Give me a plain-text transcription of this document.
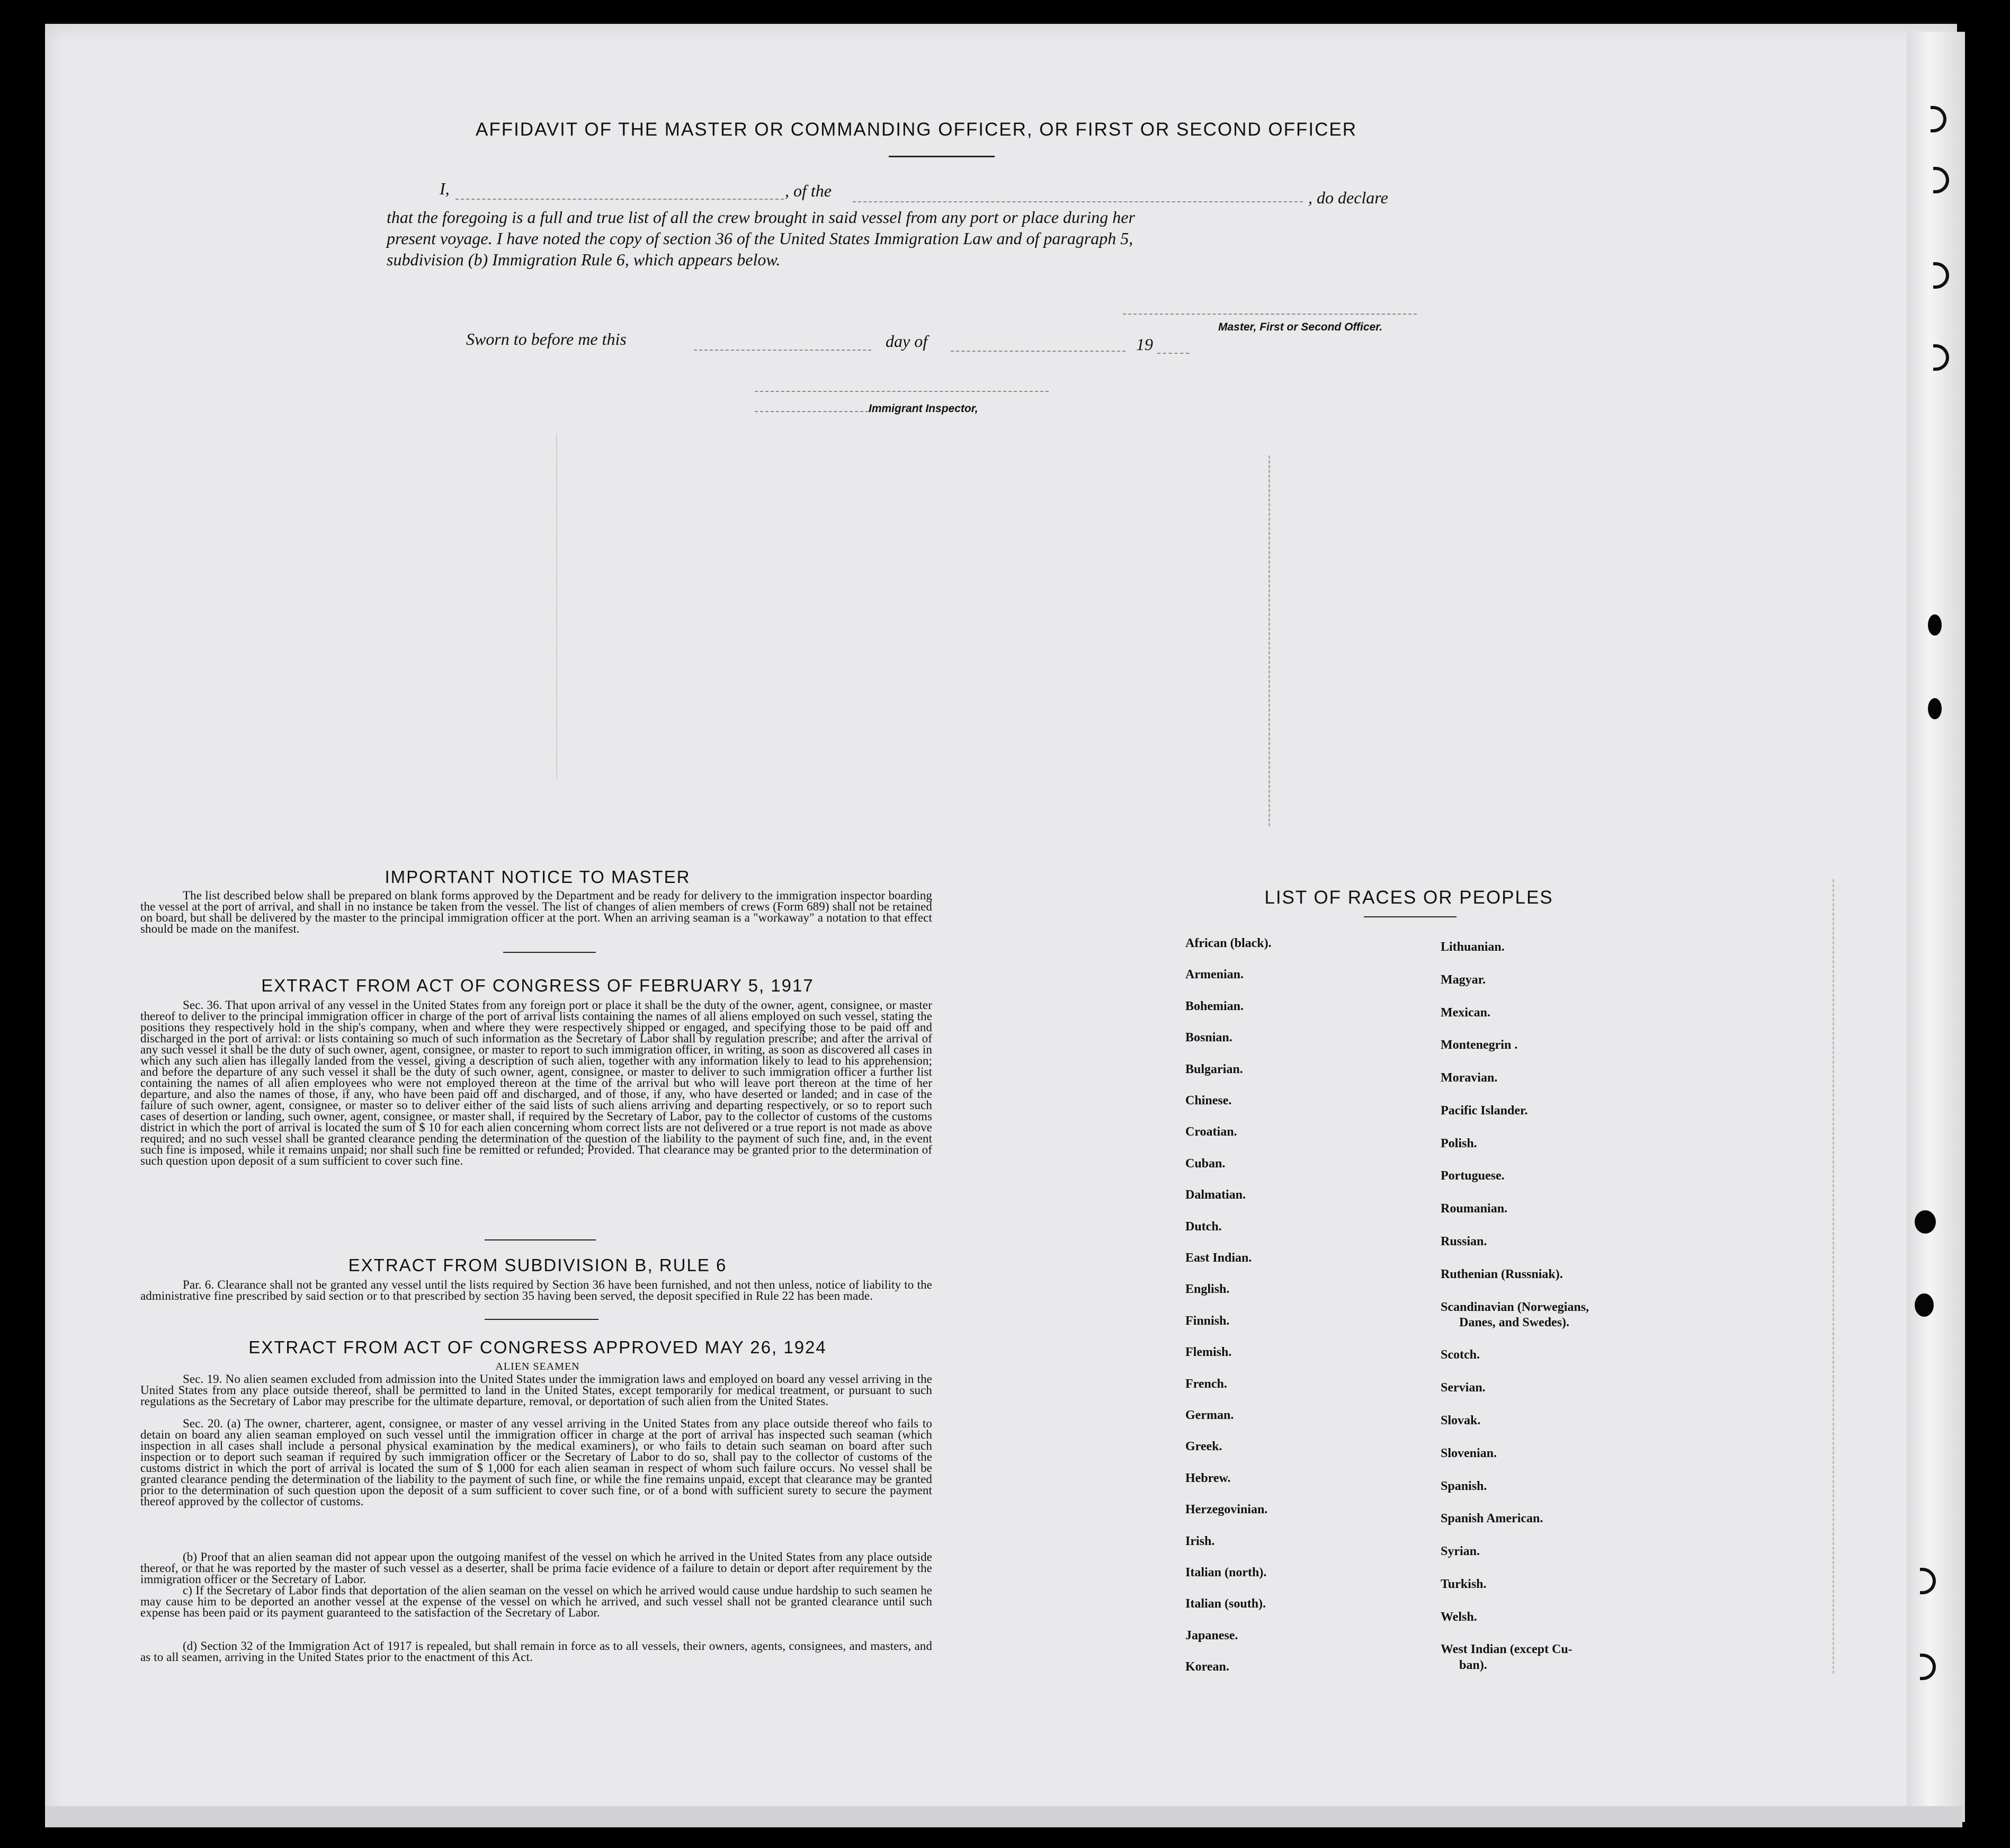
AFFIDAVIT OF THE MASTER OR COMMANDING OFFICER, OR FIRST OR SECOND OFFICER
I,	, of the	, do declare
that the foregoing is a full and true list of all the crew brought in said vessel from any port or place during her
present voyage. I have noted the copy of section 36 of the United States Immigration Law and of paragraph 5,
subdivision (b) Immigration Rule 6, which appears below.
Master, First or Second Officer.
Sworn to before me this	day of	19
Immigrant Inspector,
IMPORTANT NOTICE TO MASTER
The list described below shall be prepared on blank forms approved by the Department and be ready for delivery to the immigration inspector boarding the vessel at the port of arrival, and shall in no instance be taken from the vessel. The list of changes of alien members of crews (Form 689) shall not be retained on board, but shall be delivered by the master to the principal immigration officer at the port. When an arriving seaman is a "workaway" a notation to that effect should be made on the manifest.
EXTRACT FROM ACT OF CONGRESS OF FEBRUARY 5, 1917
Sec. 36. That upon arrival of any vessel in the United States from any foreign port or place it shall be the duty of the owner, agent, consignee, or master thereof to deliver to the principal immigration officer in charge of the port of arrival lists containing the names of all aliens employed on such vessel, stating the positions they respectively hold in the ship's company, when and where they were respectively shipped or engaged, and specifying those to be paid off and discharged in the port of arrival: or lists containing so much of such information as the Secretary of Labor shall by regulation prescribe; and after the arrival of any such vessel it shall be the duty of such owner, agent, consignee, or master to report to such immigration officer, in writing, as soon as discovered all cases in which any such alien has illegally landed from the vessel, giving a description of such alien, together with any information likely to lead to his apprehension; and before the departure of any such vessel it shall be the duty of such owner, agent, consignee, or master to deliver to such immigration officer a further list containing the names of all alien employees who were not employed thereon at the time of the arrival but who will leave port thereon at the time of her departure, and also the names of those, if any, who have been paid off and discharged, and of those, if any, who have deserted or landed; and in case of the failure of such owner, agent, consignee, or master so to deliver either of the said lists of such aliens arriving and departing respectively, or so to report such cases of desertion or landing, such owner, agent, consignee, or master shall, if required by the Secretary of Labor, pay to the collector of customs of the customs district in which the port of arrival is located the sum of $ 10 for each alien concerning whom correct lists are not delivered or a true report is not made as above required; and no such vessel shall be granted clearance pending the determination of the question of the liability to the payment of such fine, and, in the event such fine is imposed, while it remains unpaid; nor shall such fine be remitted or refunded; Provided. That clearance may be granted prior to the determination of such question upon deposit of a sum sufficient to cover such fine.
EXTRACT FROM SUBDIVISION B, RULE 6
Par. 6. Clearance shall not be granted any vessel until the lists required by Section 36 have been furnished, and not then unless, notice of liability to the administrative fine prescribed by said section or to that prescribed by section 35 having been served, the deposit specified in Rule 22 has been made.
EXTRACT FROM ACT OF CONGRESS APPROVED MAY 26, 1924
ALIEN SEAMEN
Sec. 19. No alien seamen excluded from admission into the United States under the immigration laws and employed on board any vessel arriving in the United States from any place outside thereof, shall be permitted to land in the United States, except temporarily for medical treatment, or pursuant to such regulations as the Secretary of Labor may prescribe for the ultimate departure, removal, or deportation of such alien from the United States.
Sec. 20. (a) The owner, charterer, agent, consignee, or master of any vessel arriving in the United States from any place outside thereof who fails to detain on board any alien seaman employed on such vessel until the immigration officer in charge at the port of arrival has inspected such seaman (which inspection in all cases shall include a personal physical examination by the medical examiners), or who fails to detain such seaman on board after such inspection or to deport such seaman if required by such immigration officer or the Secretary of Labor to do so, shall pay to the collector of customs of the customs district in which the port of arrival is located the sum of $ 1,000 for each alien seaman in respect of whom such failure occurs. No vessel shall be granted clearance pending the determination of the liability to the payment of such fine, or while the fine remains unpaid, except that clearance may be granted prior to the determination of such question upon the deposit of a sum sufficient to cover such fine, or of a bond with sufficient surety to secure the payment thereof approved by the collector of customs.
(b) Proof that an alien seaman did not appear upon the outgoing manifest of the vessel on which he arrived in the United States from any place outside thereof, or that he was reported by the master of such vessel as a deserter, shall be prima facie evidence of a failure to detain or deport after requirement by the immigration officer or the Secretary of Labor.
c) If the Secretary of Labor finds that deportation of the alien seaman on the vessel on which he arrived would cause undue hardship to such seamen he may cause him to be deported an another vessel at the expense of the vessel on which he arrived, and such vessel shall not be granted clearance until such expense has been paid or its payment guaranteed to the satisfaction of the Secretary of Labor.
(d) Section 32 of the Immigration Act of 1917 is repealed, but shall remain in force as to all vessels, their owners, agents, consignees, and masters, and as to all seamen, arriving in the United States prior to the enactment of this Act.
LIST OF RACES OR PEOPLES
African (black).
Armenian.
Bohemian.
Bosnian.
Bulgarian.
Chinese.
Croatian.
Cuban.
Dalmatian.
Dutch.
East Indian.
English.
Finnish.
Flemish.
French.
German.
Greek.
Hebrew.
Herzegovinian.
Irish.
Italian (north).
Italian (south).
Japanese.
Korean.
Lithuanian.
Magyar.
Mexican.
Montenegrin .
Moravian.
Pacific Islander.
Polish.
Portuguese.
Roumanian.
Russian.
Ruthenian (Russniak).
Scandinavian (Norwegians,
Danes, and Swedes).
Scotch.
Servian.
Slovak.
Slovenian.
Spanish.
Spanish American.
Syrian.
Turkish.
Welsh.
West Indian (except Cu-
ban).
